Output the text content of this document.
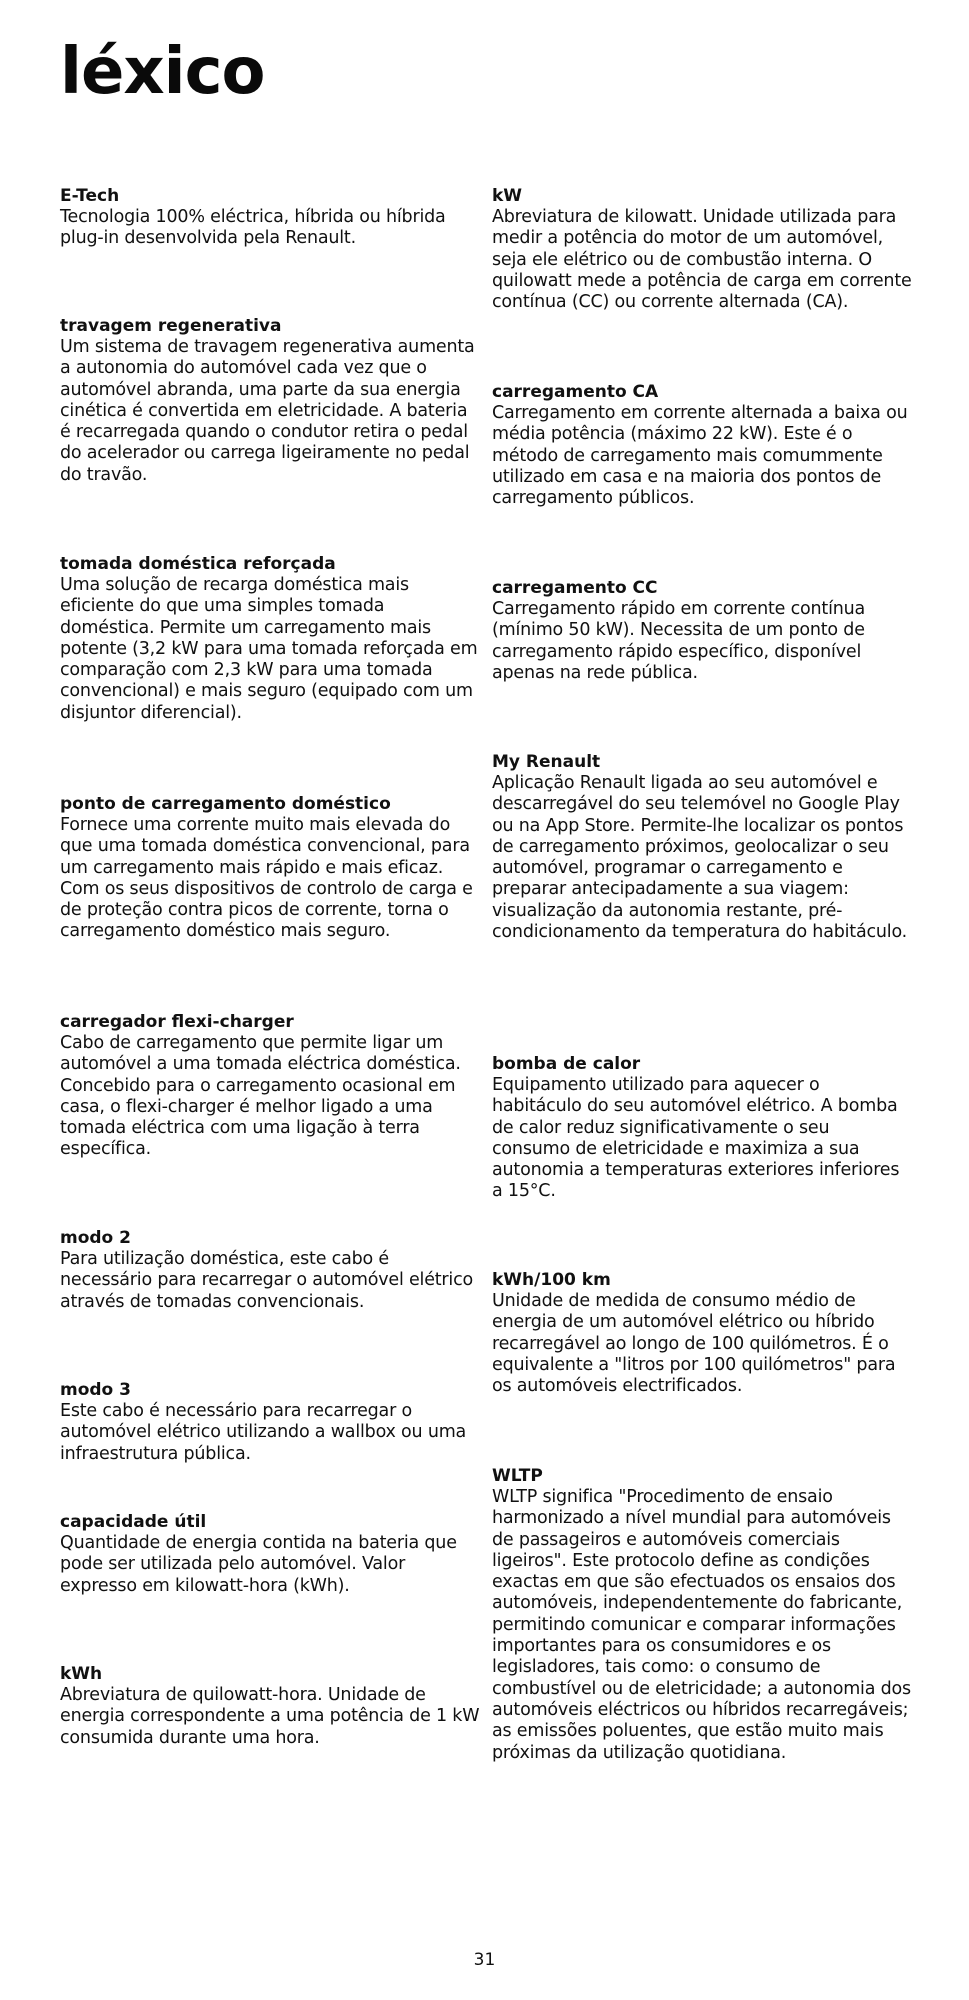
léxico

E-Tech

Tecnologia 100% eléctrica, híbrida ou híbrida plug-in desenvolvida pela Renault.

travagem regenerativa

Um sistema de travagem regenerativa aumenta a autonomia do automóvel cada vez que o automóvel abranda, uma parte da sua energia cinética é convertida em eletricidade. A bateria é recarregada quando o condutor retira o pedal do acelerador ou carrega ligeiramente no pedal do travão.

tomada doméstica reforçada

Uma solução de recarga doméstica mais eficiente do que uma simples tomada doméstica. Permite um carregamento mais potente (3,2 kW para uma tomada reforçada em comparação com 2,3 kW para uma tomada convencional) e mais seguro (equipado com um disjuntor diferencial).

ponto de carregamento doméstico

Fornece uma corrente muito mais elevada do que uma tomada doméstica convencional, para um carregamento mais rápido e mais eficaz. Com os seus dispositivos de controlo de carga e de proteção contra picos de corrente, torna o carregamento doméstico mais seguro.

carregador flexi-charger

Cabo de carregamento que permite ligar um automóvel a uma tomada eléctrica doméstica. Concebido para o carregamento ocasional em casa, o flexi-charger é melhor ligado a uma tomada eléctrica com uma ligação à terra específica.

modo 2

Para utilização doméstica, este cabo é necessário para recarregar o automóvel elétrico através de tomadas convencionais.

modo 3

Este cabo é necessário para recarregar o automóvel elétrico utilizando a wallbox ou uma infraestrutura pública.

capacidade útil

Quantidade de energia contida na bateria que pode ser utilizada pelo automóvel. Valor expresso em kilowatt-hora (kWh).

kWh

Abreviatura de quilowatt-hora. Unidade de energia correspondente a uma potência de 1 kW consumida durante uma hora.

kW

Abreviatura de kilowatt. Unidade utilizada para medir a potência do motor de um automóvel, seja ele elétrico ou de combustão interna. O quilowatt mede a potência de carga em corrente contínua (CC) ou corrente alternada (CA).

carregamento CA

Carregamento em corrente alternada a baixa ou média potência (máximo 22 kW). Este é o método de carregamento mais comummente utilizado em casa e na maioria dos pontos de carregamento públicos.

carregamento CC

Carregamento rápido em corrente contínua (mínimo 50 kW). Necessita de um ponto de carregamento rápido específico, disponível apenas na rede pública.

My Renault

Aplicação Renault ligada ao seu automóvel e descarregável do seu telemóvel no Google Play ou na App Store. Permite-lhe localizar os pontos de carregamento próximos, geolocalizar o seu automóvel, programar o carregamento e preparar antecipadamente a sua viagem: visualização da autonomia restante, pré-condicionamento da temperatura do habitáculo.

bomba de calor

Equipamento utilizado para aquecer o habitáculo do seu automóvel elétrico. A bomba de calor reduz significativamente o seu consumo de eletricidade e maximiza a sua autonomia a temperaturas exteriores inferiores a 15°C.

kWh/100 km

Unidade de medida de consumo médio de energia de um automóvel elétrico ou híbrido recarregável ao longo de 100 quilómetros. É o equivalente a "litros por 100 quilómetros" para os automóveis electrificados.

WLTP

WLTP significa "Procedimento de ensaio harmonizado a nível mundial para automóveis de passageiros e automóveis comerciais ligeiros". Este protocolo define as condições exactas em que são efectuados os ensaios dos automóveis, independentemente do fabricante, permitindo comunicar e comparar informações importantes para os consumidores e os legisladores, tais como: o consumo de combustível ou de eletricidade; a autonomia dos automóveis eléctricos ou híbridos recarregáveis; as emissões poluentes, que estão muito mais próximas da utilização quotidiana.

31
